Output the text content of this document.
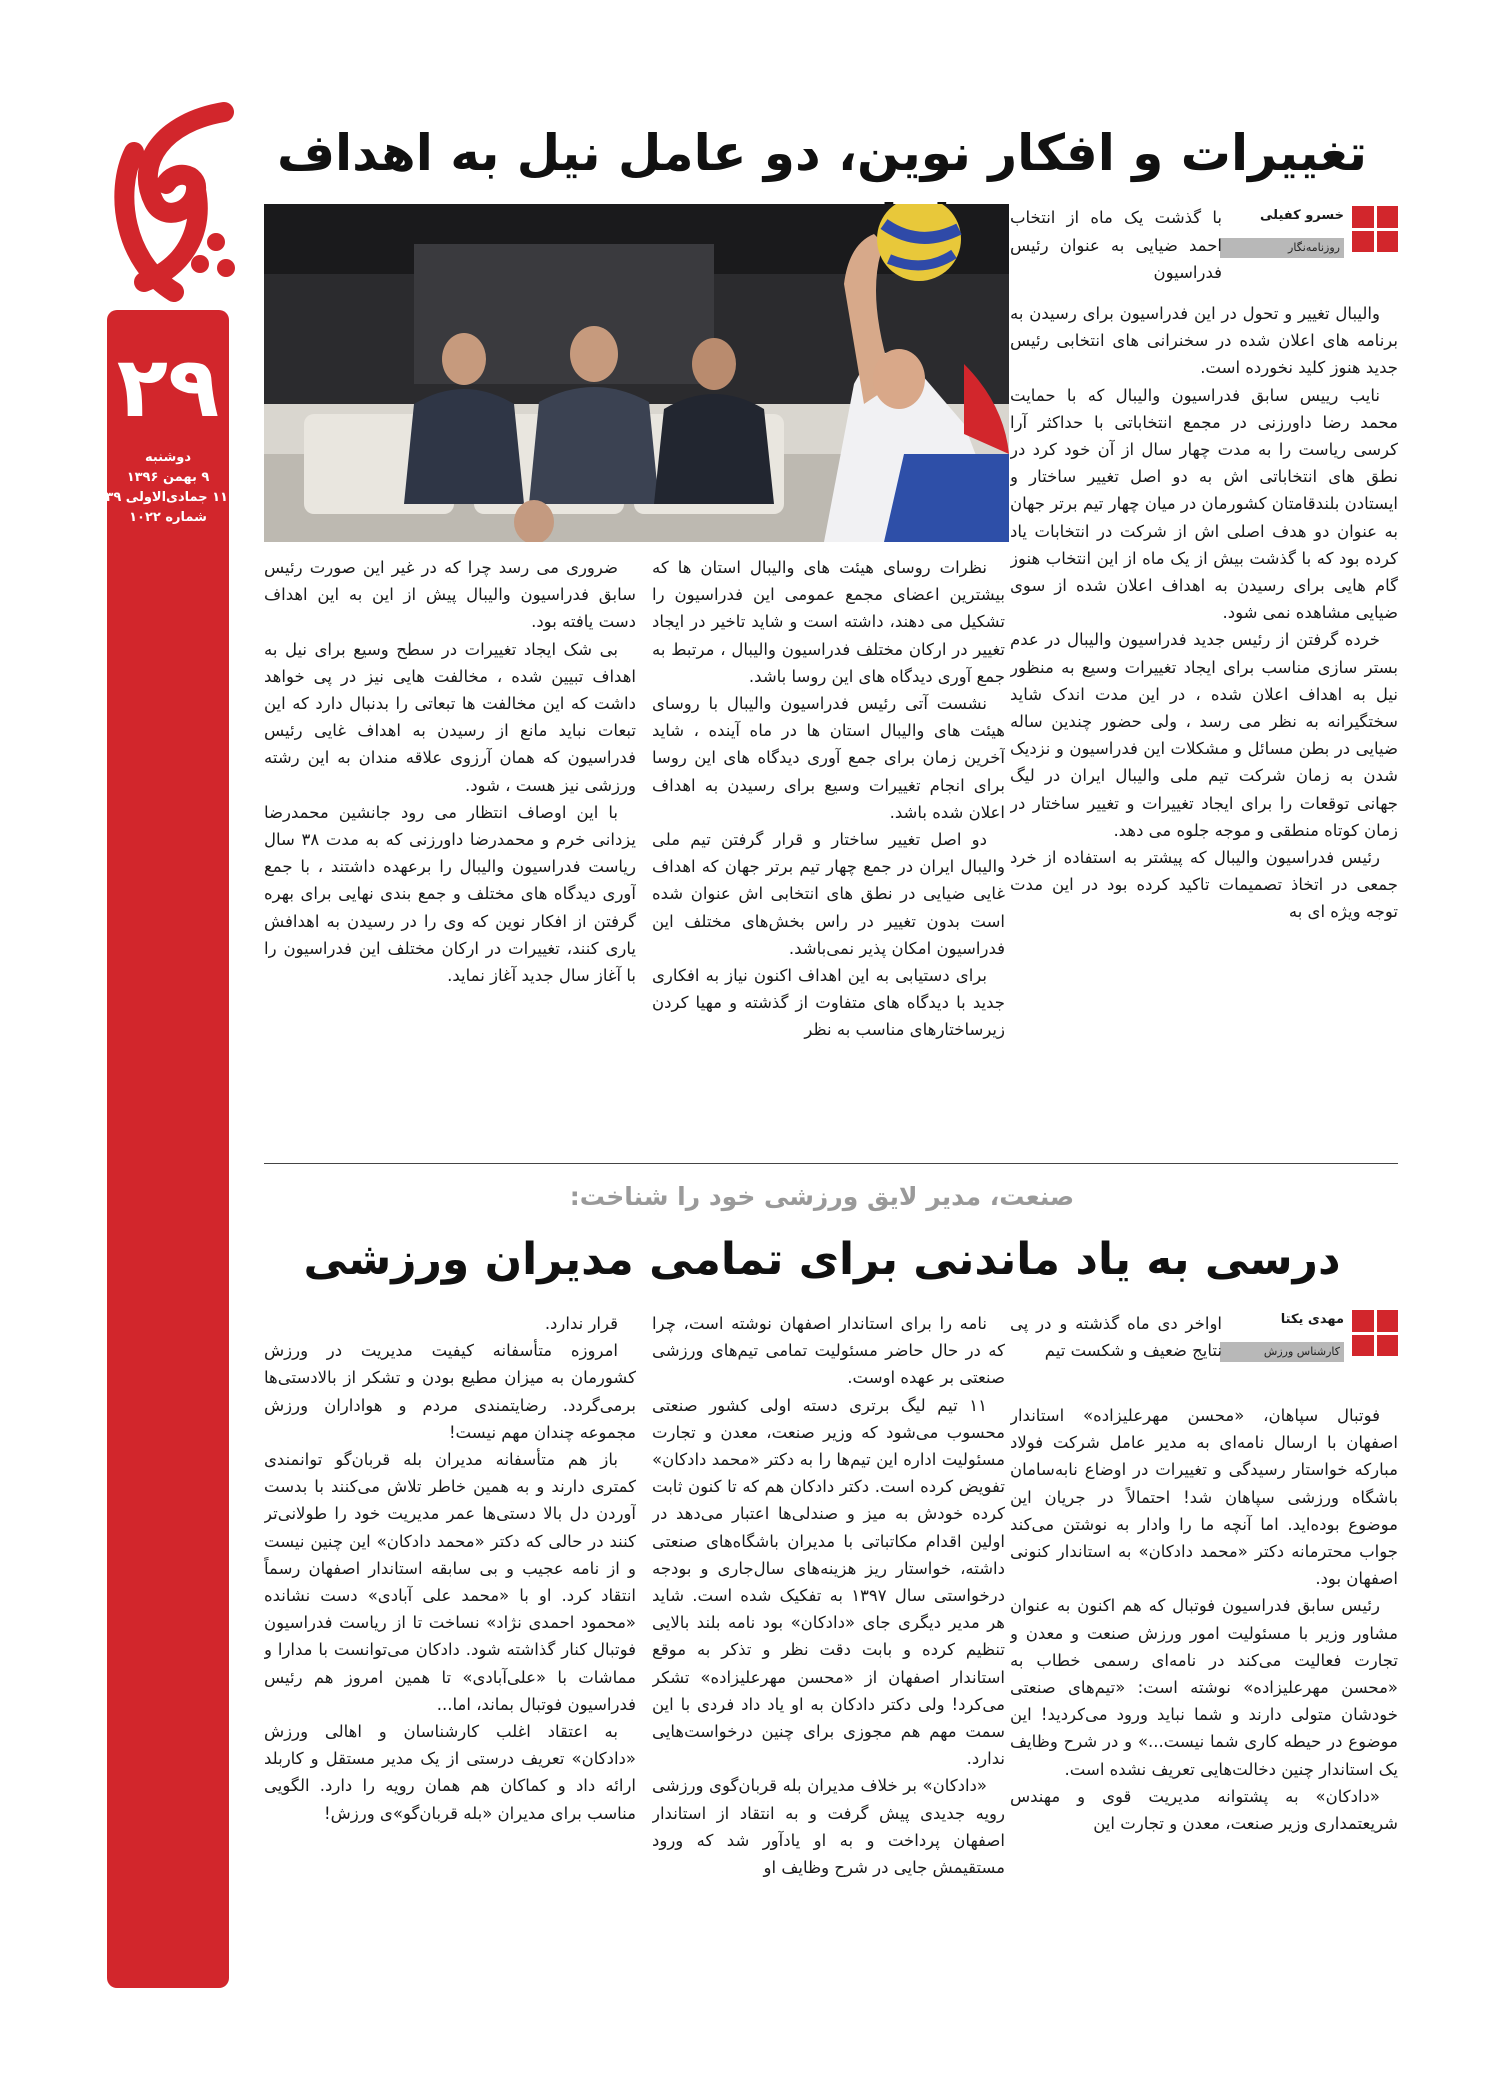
۲۹
دوشنبه
۹ بهمن ۱۳۹۶
۱۱ جمادی‌الاولی ۱۴۳۹
شماره ۱۰۲۲
تغییرات و افکار نوین، دو عامل نیل به اهداف
خسرو کفیلی
روزنامه‌نگار

با گذشت یک ماه از انتخاب احمد ضیایی به عنوان رئیس فدراسیون

والیبال تغییر و تحول در این فدراسیون برای رسیدن به برنامه های اعلان شده در سخنرانی های انتخابی رئیس جدید هنوز کلید نخورده است.

نایب رییس سابق فدراسیون والیبال که با حمایت محمد رضا داورزنی در مجمع انتخاباتی با حداکثر آرا کرسی ریاست را به مدت چهار سال از آن خود کرد در نطق های انتخاباتی اش به دو اصل تغییر ساختار و ایستادن بلندقامتان کشورمان در میان چهار تیم برتر جهان به عنوان دو هدف اصلی اش از شرکت در انتخابات یاد کرده بود که با گذشت بیش از یک ماه از این انتخاب هنوز گام هایی برای رسیدن به اهداف اعلان شده از سوی ضیایی مشاهده نمی شود.

خرده گرفتن از رئیس جدید فدراسیون والیبال در عدم بستر سازی مناسب برای ایجاد تغییرات وسیع به منظور نیل به اهداف اعلان شده ، در این مدت اندک شاید سختگیرانه به نظر می رسد ، ولی حضور چندین ساله ضیایی در بطن مسائل و مشکلات این فدراسیون و نزدیک شدن به زمان شرکت تیم ملی والیبال ایران در لیگ جهانی توقعات را برای ایجاد تغییرات و تغییر ساختار در زمان کوتاه منطقی و موجه جلوه می دهد.

رئیس فدراسیون والیبال که پیشتر به استفاده از خرد جمعی در اتخاذ تصمیمات تاکید کرده بود در این مدت توجه ویژه ای به

نظرات روسای هیئت های والیبال استان ها که بیشترین اعضای مجمع عمومی این فدراسیون را تشکیل می دهند، داشته است و شاید تاخیر در ایجاد تغییر در ارکان مختلف فدراسیون والیبال ، مرتبط به جمع آوری دیدگاه های این روسا باشد.

نشست آتی رئیس فدراسیون والیبال با روسای هیئت های والیبال استان ها در ماه آینده ، شاید آخرین زمان برای جمع آوری دیدگاه های این روسا برای انجام تغییرات وسیع برای رسیدن به اهداف اعلان شده باشد.

دو اصل تغییر ساختار و قرار گرفتن تیم ملی والیبال ایران در جمع چهار تیم برتر جهان که اهداف غایی ضیایی در نطق های انتخابی اش عنوان شده است بدون تغییر در راس بخش‌های مختلف این فدراسیون امکان پذیر نمی‌باشد.

برای دستیابی به این اهداف اکنون نیاز به افکاری جدید با دیدگاه های متفاوت از گذشته و مهیا کردن زیرساختارهای مناسب به نظر

ضروری می رسد چرا که در غیر این صورت رئیس سابق فدراسیون والیبال پیش از این به این اهداف دست یافته بود.

بی شک ایجاد تغییرات در سطح وسیع برای نیل به اهداف تبیین شده ، مخالفت هایی نیز در پی خواهد داشت که این مخالفت ها تبعاتی را بدنبال دارد که این تبعات نباید مانع از رسیدن به اهداف غایی رئیس فدراسیون که همان آرزوی علاقه مندان به این رشته ورزشی نیز هست ، شود.

با این اوصاف انتظار می رود جانشین محمدرضا یزدانی خرم و محمدرضا داورزنی که به مدت ۳۸ سال ریاست فدراسیون والیبال را برعهده داشتند ، با جمع آوری دیدگاه های مختلف و جمع بندی نهایی برای بهره گرفتن از افکار نوین که وی را در رسیدن به اهدافش یاری کنند، تغییرات در ارکان مختلف این فدراسیون را با آغاز سال جدید آغاز نماید.

صنعت، مدیر لایق ورزشی خود را شناخت:
درسی به یاد ماندنی برای تمامی مدیران ورزشی
مهدی یکتا
کارشناس ورزش

اواخر دی ماه گذشته و در پی نتایج ضعیف و شکست تیم

فوتبال سپاهان، «محسن مهرعلیزاده» استاندار اصفهان با ارسال نامه‌ای به مدیر عامل شرکت فولاد مبارکه خواستار رسیدگی و تغییرات در اوضاع نابه‌سامان باشگاه ورزشی سپاهان شد! احتمالاً در جریان این موضوع بوده‌اید. اما آنچه ما را وادار به نوشتن می‌کند جواب محترمانه دکتر «محمد دادکان» به استاندار کنونی اصفهان بود.

رئیس سابق فدراسیون فوتبال که هم اکنون به عنوان مشاور وزیر با مسئولیت امور ورزش صنعت و معدن و تجارت فعالیت می‌کند در نامه‌ای رسمی خطاب به «محسن مهرعلیزاده» نوشته است: «تیم‌های صنعتی خودشان متولی دارند و شما نباید ورود می‌کردید! این موضوع در حیطه کاری شما نیست...» و در شرح وظایف یک استاندار چنین دخالت‌هایی تعریف نشده است.

«دادکان» به پشتوانه مدیریت قوی و مهندس شریعتمداری وزیر صنعت، معدن و تجارت این

نامه را برای استاندار اصفهان نوشته است، چرا که در حال حاضر مسئولیت تمامی تیم‌های ورزشی صنعتی بر عهده اوست.

۱۱ تیم لیگ برتری دسته اولی کشور صنعتی محسوب می‌شود که وزیر صنعت، معدن و تجارت مسئولیت اداره این تیم‌ها را به دکتر «محمد دادکان» تفویض کرده است. دکتر دادکان هم که تا کنون ثابت کرده خودش به میز و صندلی‌ها اعتبار می‌دهد در اولین اقدام مکاتباتی با مدیران باشگاه‌های صنعتی داشته، خواستار ریز هزینه‌های سال‌جاری و بودجه درخواستی سال ۱۳۹۷ به تفکیک شده است. شاید هر مدیر دیگری جای «دادکان» بود نامه بلند بالایی تنظیم کرده و بابت دقت نظر و تذکر به موقع استاندار اصفهان از «محسن مهرعلیزاده» تشکر می‌کرد! ولی دکتر دادکان به او یاد داد فردی با این سمت مهم هم مجوزی برای چنین درخواست‌هایی ندارد.

«دادکان» بر خلاف مدیران بله قربان‌گوی ورزشی رویه جدیدی پیش گرفت و به انتقاد از استاندار اصفهان پرداخت و به او یادآور شد که ورود مستقیمش جایی در شرح وظایف او

قرار ندارد.

امروزه متأسفانه کیفیت مدیریت در ورزش کشورمان به میزان مطیع بودن و تشکر از بالادستی‌ها برمی‌گردد. رضایتمندی مردم و هواداران ورزش مجموعه چندان مهم نیست!

باز هم متأسفانه مدیران بله قربان‌گو توانمندی کمتری دارند و به همین خاطر تلاش می‌کنند با بدست آوردن دل بالا دستی‌ها عمر مدیریت خود را طولانی‌تر کنند در حالی که دکتر «محمد دادکان» این چنین نیست و از نامه عجیب و بی سابقه استاندار اصفهان رسماً انتقاد کرد. او با «محمد علی آبادی» دست نشانده «محمود احمدی نژاد» نساخت تا از ریاست فدراسیون فوتبال کنار گذاشته شود. دادکان می‌توانست با مدارا و مماشات با «علی‌آبادی» تا همین امروز هم رئیس فدراسیون فوتبال بماند، اما...

به اعتقاد اغلب کارشناسان و اهالی ورزش «دادکان» تعریف درستی از یک مدیر مستقل و کاربلد ارائه داد و کماکان هم همان رویه را دارد. الگویی مناسب برای مدیران «بله قربان‌گو»ی ورزش!
